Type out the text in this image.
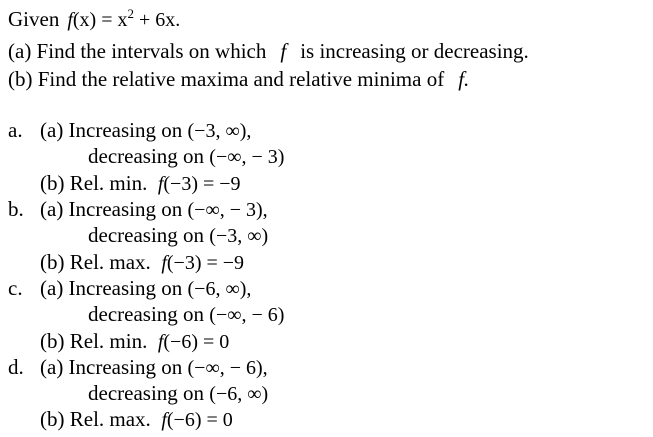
Given $f(x) = x^2 + 6x$.
(a) Find the intervals on which f is increasing or decreasing.
(b) Find the relative maxima and relative minima of f.
a. (a) Increasing on (−3, ∞),
decreasing on (−∞, − 3)
(b) Rel. min. f(−3) = −9
b. (a) Increasing on (−∞, − 3),
decreasing on (−3, ∞)
(b) Rel. max. f(−3) = −9
c. (a) Increasing on (−6, ∞),
decreasing on (−∞, − 6)
(b) Rel. min. f(−6) = 0
d. (a) Increasing on (−∞, − 6),
decreasing on (−6, ∞)
(b) Rel. max. f(−6) = 0
